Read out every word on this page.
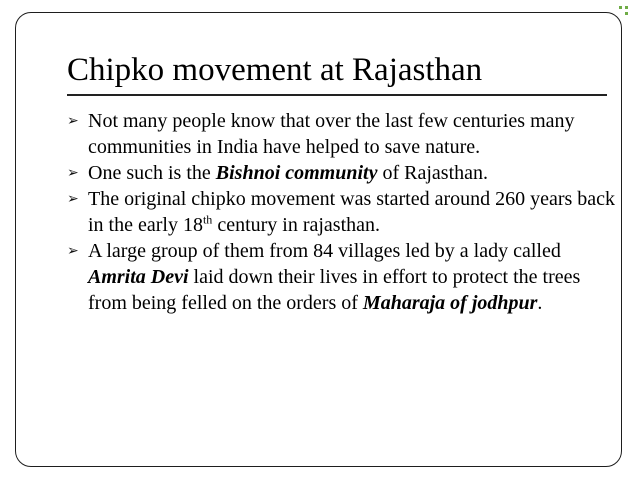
Chipko movement at Rajasthan
➢ Not many people know that over the last few centuries many communities in India have helped to save nature.
➢ One such is the Bishnoi community of Rajasthan.
➢ The original chipko movement was started around 260 years back in the early 18th century in rajasthan.
➢ A large group of them from 84 villages led by a lady called Amrita Devi laid down their lives in effort to protect the trees from being felled on the orders of Maharaja of jodhpur.
